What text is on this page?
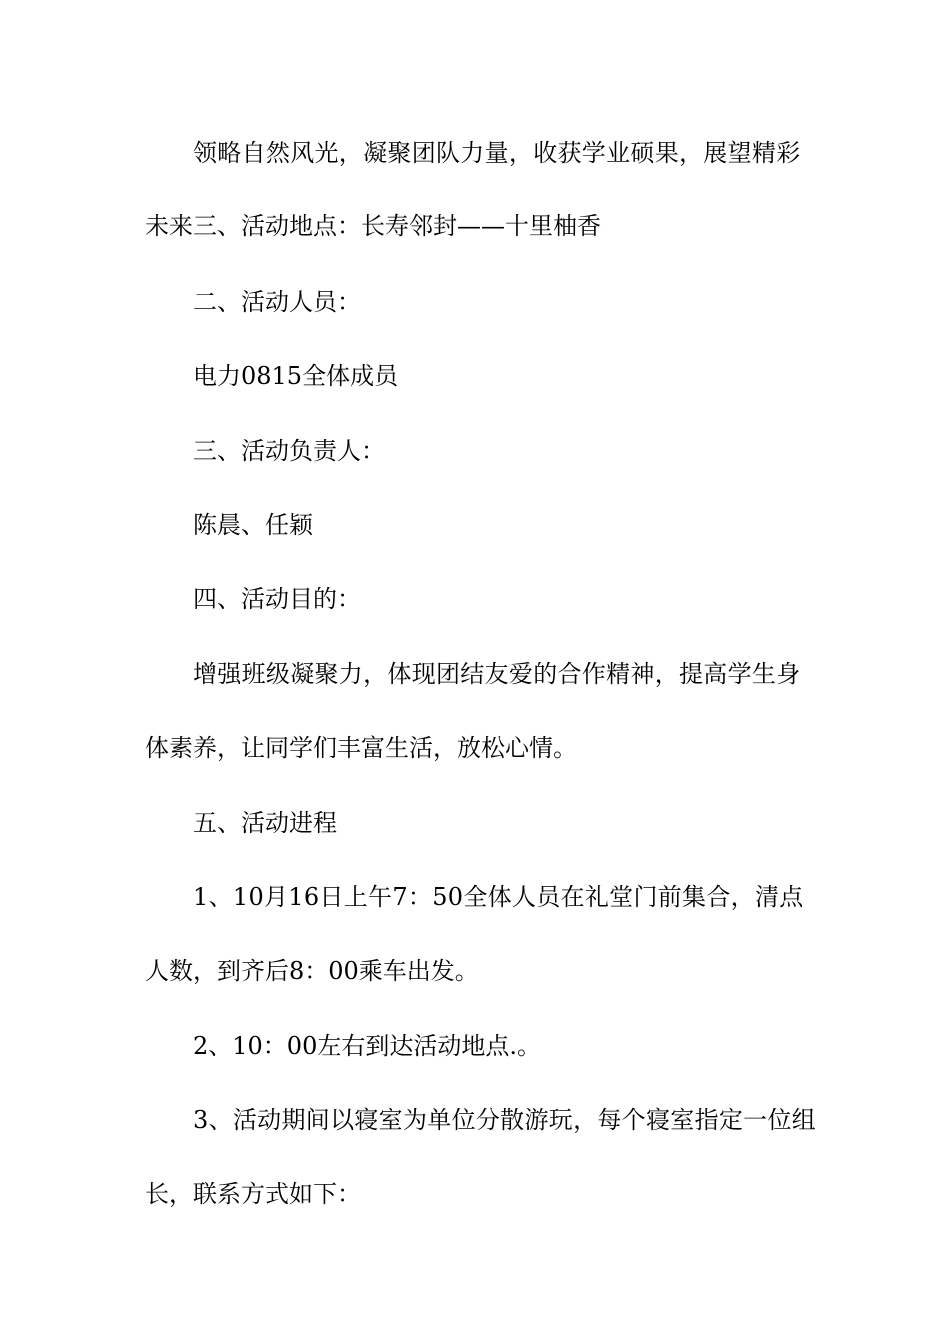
领略自然风光，凝聚团队力量，收获学业硕果，展望精彩
未来三、活动地点：长寿邻封——十里柚香
二、活动人员：
电力0815全体成员
三、活动负责人：
陈晨、任颖
四、活动目的：
增强班级凝聚力，体现团结友爱的合作精神，提高学生身
体素养，让同学们丰富生活，放松心情。
五、活动进程
1、10月16日上午7：50全体人员在礼堂门前集合，清点
人数，到齐后8：00乘车出发。
2、10：00左右到达活动地点.。
3、活动期间以寝室为单位分散游玩，每个寝室指定一位组
长，联系方式如下：
